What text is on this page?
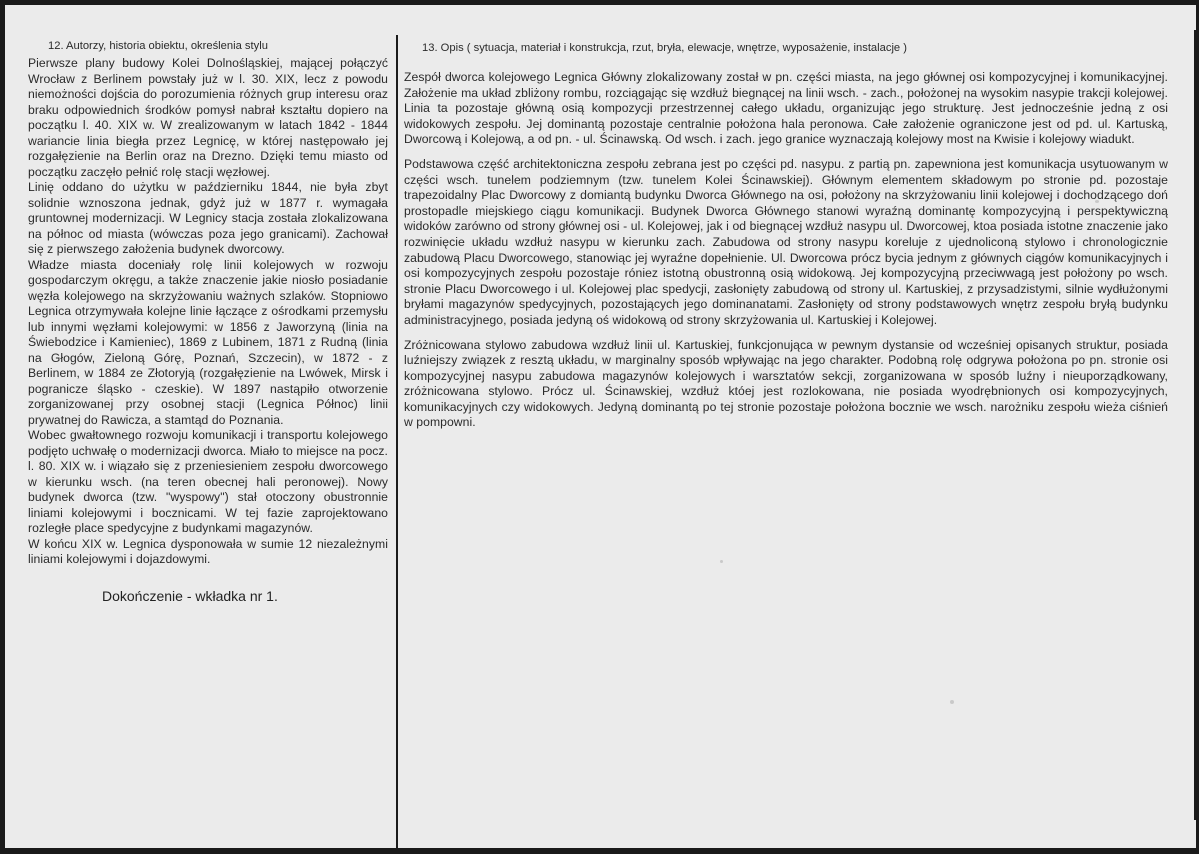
12. Autorzy, historia obiektu, określenia stylu

Pierwsze plany budowy Kolei Dolnośląskiej, mającej połączyć Wrocław z Berlinem powstały już w l. 30. XIX, lecz z powodu niemożności dojścia do porozumienia różnych grup interesu oraz braku odpowiednich środków pomysł nabrał kształtu dopiero na początku l. 40. XIX w. W zrealizowanym w latach 1842 - 1844 wariancie linia biegła przez Legnicę, w której następowało jej rozgałęzienie na Berlin oraz na Drezno. Dzięki temu miasto od początku zaczęło pełnić rolę stacji węzłowej.

Linię oddano do użytku w październiku 1844, nie była zbyt solidnie wznoszona jednak, gdyż już w 1877 r. wymagała gruntownej modernizacji. W Legnicy stacja została zlokalizowana na północ od miasta (wówczas poza jego granicami). Zachował się z pierwszego założenia budynek dworcowy.

Władze miasta doceniały rolę linii kolejowych w rozwoju gospodarczym okręgu, a także znaczenie jakie niosło posiadanie węzła kolejowego na skrzyżowaniu ważnych szlaków. Stopniowo Legnica otrzymywała kolejne linie łączące z ośrodkami przemysłu lub innymi węzłami kolejowymi: w 1856 z Jaworzyną (linia na Świebodzice i Kamieniec), 1869 z Lubinem, 1871 z Rudną (linia na Głogów, Zieloną Górę, Poznań, Szczecin), w 1872 - z Berlinem, w 1884 ze Złotoryją (rozgałęzienie na Lwówek, Mirsk i pogranicze śląsko - czeskie). W 1897 nastąpiło otworzenie zorganizowanej przy osobnej stacji (Legnica Północ) linii prywatnej do Rawicza, a stamtąd do Poznania.

Wobec gwałtownego rozwoju komunikacji i transportu kolejowego podjęto uchwałę o modernizacji dworca. Miało to miejsce na pocz. l. 80. XIX w. i wiązało się z przeniesieniem zespołu dworcowego w kierunku wsch. (na teren obecnej hali peronowej). Nowy budynek dworca (tzw. "wyspowy") stał otoczony obustronnie liniami kolejowymi i bocznicami. W tej fazie zaprojektowano rozległe place spedycyjne z budynkami magazynów.

W końcu XIX w. Legnica dysponowała w sumie 12 niezależnymi liniami kolejowymi i dojazdowymi.

Dokończenie - wkładka nr 1.
13. Opis ( sytuacja, materiał i konstrukcja, rzut, bryła, elewacje, wnętrze, wyposażenie, instalacje )

Zespół dworca kolejowego Legnica Główny zlokalizowany został w pn. części miasta, na jego głównej osi kompozycyjnej i komunikacyjnej. Założenie ma układ zbliżony rombu, rozciągając się wzdłuż biegnącej na linii wsch. - zach., położonej na wysokim nasypie trakcji kolejowej. Linia ta pozostaje główną osią kompozycji przestrzennej całego układu, organizując jego strukturę. Jest jednocześnie jedną z osi widokowych zespołu. Jej dominantą pozostaje centralnie położona hala peronowa. Całe założenie ograniczone jest od pd. ul. Kartuską, Dworcową i Kolejową, a od pn. - ul. Ścinawską. Od wsch. i zach. jego granice wyznaczają kolejowy most na Kwisie i kolejowy wiadukt.

Podstawowa część architektoniczna zespołu zebrana jest po części pd. nasypu. z partią pn. zapewniona jest komunikacja usytuowanym w części wsch. tunelem podziemnym (tzw. tunelem Kolei Ścinawskiej). Głównym elementem składowym po stronie pd. pozostaje trapezoidalny Plac Dworcowy z domiantą budynku Dworca Głównego na osi, położony na skrzyżowaniu linii kolejowej i dochodzącego doń prostopadle miejskiego ciągu komunikacji. Budynek Dworca Głównego stanowi wyraźną dominantę kompozycyjną i perspektywiczną widoków zarówno od strony głównej osi - ul. Kolejowej, jak i od biegnącej wzdłuż nasypu ul. Dworcowej, ktoa posiada istotne znaczenie jako rozwinięcie układu wzdłuż nasypu w kierunku zach. Zabudowa od strony nasypu koreluje z ujednoliconą stylowo i chronologicznie zabudową Placu Dworcowego, stanowiąc jej wyraźne dopełnienie. Ul. Dworcowa prócz bycia jednym z głównych ciągów komunikacyjnych i osi kompozycyjnych zespołu pozostaje róniez istotną obustronną osią widokową. Jej kompozycyjną przeciwwagą jest położony po wsch. stronie Placu Dworcowego i ul. Kolejowej plac spedycji, zasłonięty zabudową od strony ul. Kartuskiej, z przysadzistymi, silnie wydłużonymi bryłami magazynów spedycyjnych, pozostających jego dominanatami. Zasłonięty od strony podstawowych wnętrz zespołu bryłą budynku administracyjnego, posiada jedyną oś widokową od strony skrzyżowania ul. Kartuskiej i Kolejowej.

Zróżnicowana stylowo zabudowa wzdłuż linii ul. Kartuskiej, funkcjonująca w pewnym dystansie od wcześniej opisanych struktur, posiada luźniejszy związek z resztą układu, w marginalny sposób wpływając na jego charakter. Podobną rolę odgrywa położona po pn. stronie osi kompozycyjnej nasypu zabudowa magazynów kolejowych i warsztatów sekcji, zorganizowana w sposób luźny i nieuporządkowany, zróżnicowana stylowo. Prócz ul. Ścinawskiej, wzdłuż któej jest rozlokowana, nie posiada wyodrębnionych osi kompozycyjnych, komunikacyjnych czy widokowych. Jedyną dominantą po tej stronie pozostaje położona bocznie we wsch. narożniku zespołu wieża ciśnień w pompowni.
